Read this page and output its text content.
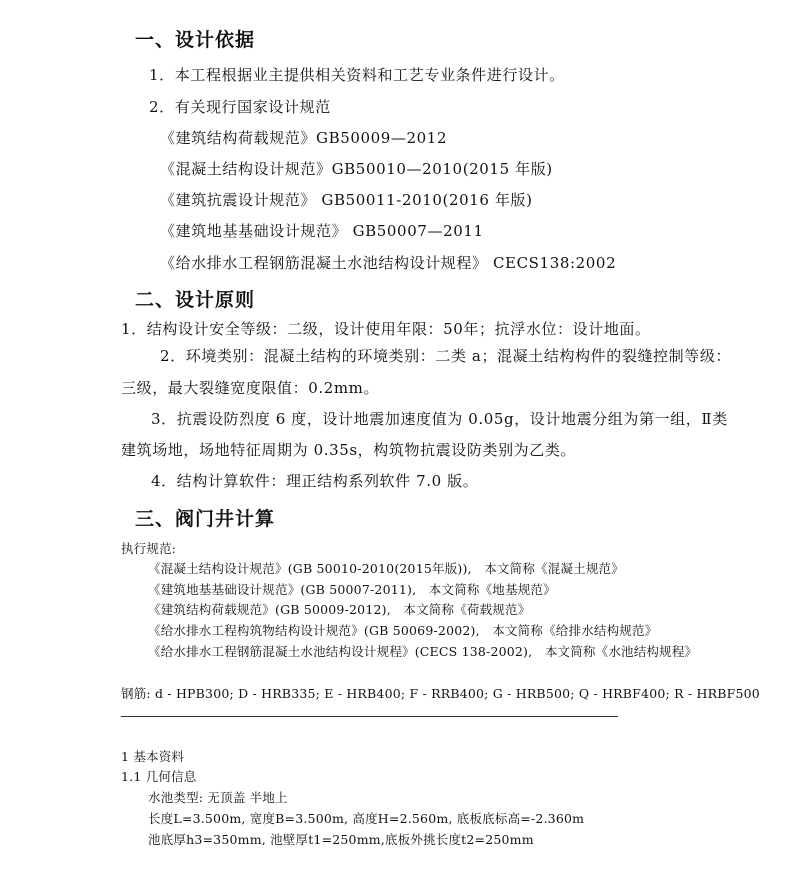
一、设计依据
1．本工程根据业主提供相关资料和工艺专业条件进行设计。
2．有关现行国家设计规范
《建筑结构荷载规范》GB50009—2012
《混凝土结构设计规范》GB50010—2010(2015 年版)
《建筑抗震设计规范》 GB50011-2010(2016 年版)
《建筑地基基础设计规范》 GB50007—2011
《给水排水工程钢筋混凝土水池结构设计规程》 CECS138:2002
二、设计原则
1．结构设计安全等级：二级，设计使用年限：50年；抗浮水位：设计地面。
2．环境类别：混凝土结构的环境类别：二类 a；混凝土结构构件的裂缝控制等级：
三级，最大裂缝宽度限值：0.2mm。
3．抗震设防烈度 6 度，设计地震加速度值为 0.05g，设计地震分组为第一组，Ⅱ类
建筑场地，场地特征周期为 0.35s，构筑物抗震设防类别为乙类。
4．结构计算软件：理正结构系列软件 7.0 版。
三、阀门井计算
执行规范:
《混凝土结构设计规范》(GB 50010-2010(2015年版)),   本文简称《混凝土规范》
《建筑地基基础设计规范》(GB 50007-2011),   本文简称《地基规范》
《建筑结构荷载规范》(GB 50009-2012),   本文简称《荷载规范》
《给水排水工程构筑物结构设计规范》(GB 50069-2002),   本文简称《给排水结构规范》
《给水排水工程钢筋混凝土水池结构设计规程》(CECS 138-2002),   本文简称《水池结构规程》
钢筋: d - HPB300; D - HRB335; E - HRB400; F - RRB400; G - HRB500; Q - HRBF400; R - HRBF500
1 基本资料
1.1 几何信息
水池类型: 无顶盖 半地上
长度L=3.500m, 宽度B=3.500m, 高度H=2.560m, 底板底标高=-2.360m
池底厚h3=350mm, 池壁厚t1=250mm,底板外挑长度t2=250mm
